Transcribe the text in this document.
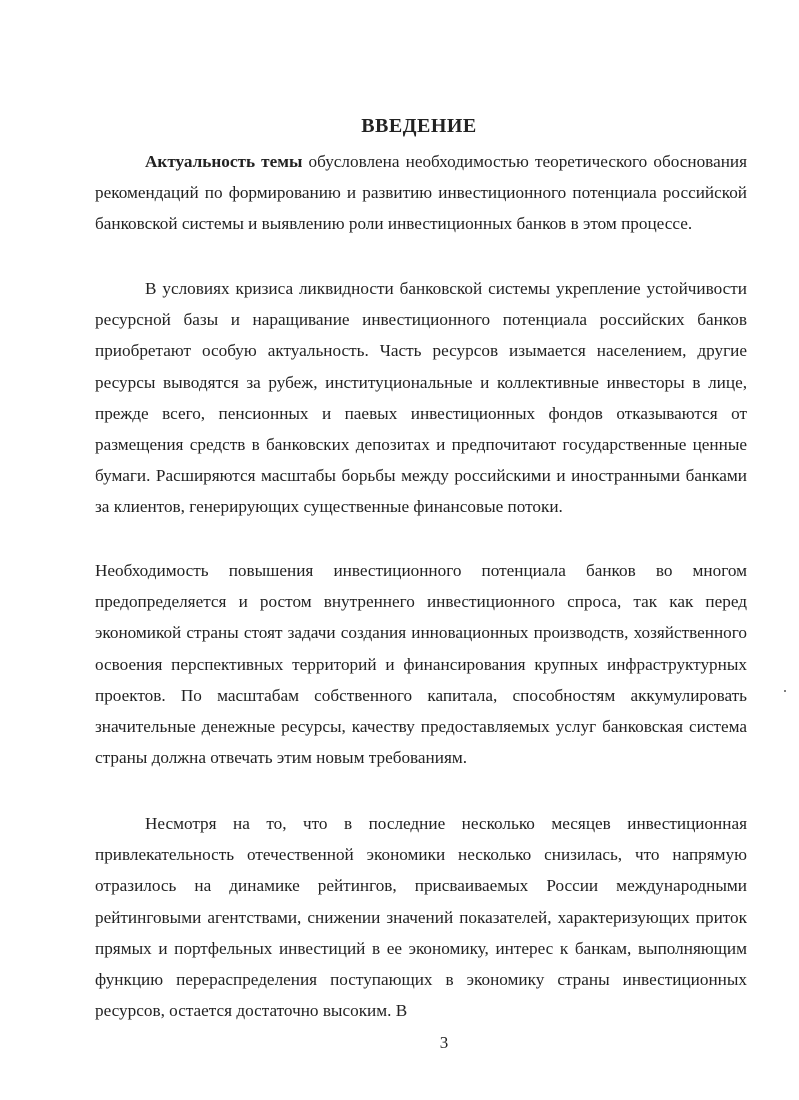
ВВЕДЕНИЕ

Актуальность темы обусловлена необходимостью теоретического обоснования рекомендаций по формированию и развитию инвестиционного потенциала российской банковской системы и выявлению роли инвестиционных банков в этом процессе.

В условиях кризиса ликвидности банковской системы укрепление устойчивости ресурсной базы и наращивание инвестиционного потенциала российских банков приобретают особую актуальность. Часть ресурсов изымается населением, другие ресурсы выводятся за рубеж, институциональные и коллективные инвесторы в лице, прежде всего, пенсионных и паевых инвестиционных фондов отказываются от размещения средств в банковских депозитах и предпочитают государственные ценные бумаги. Расширяются масштабы борьбы между российскими и иностранными банками за клиентов, генерирующих существенные финансовые потоки.

Необходимость повышения инвестиционного потенциала банков во многом предопределяется и ростом внутреннего инвестиционного спроса, так как перед экономикой страны стоят задачи создания инновационных производств, хозяйственного освоения перспективных территорий и финансирования крупных инфраструктурных проектов. По масштабам собственного капитала, способностям аккумулировать значительные денежные ресурсы, качеству предоставляемых услуг банковская система страны должна отвечать этим новым требованиям.

Несмотря на то, что в последние несколько месяцев инвестиционная привлекательность отечественной экономики несколько снизилась, что напрямую отразилось на динамике рейтингов, присваиваемых России международными рейтинговыми агентствами, снижении значений показателей, характеризующих приток прямых и портфельных инвестиций в ее экономику, интерес к банкам, выполняющим функцию перераспределения поступающих в экономику страны инвестиционных ресурсов, остается достаточно высоким. В

3
